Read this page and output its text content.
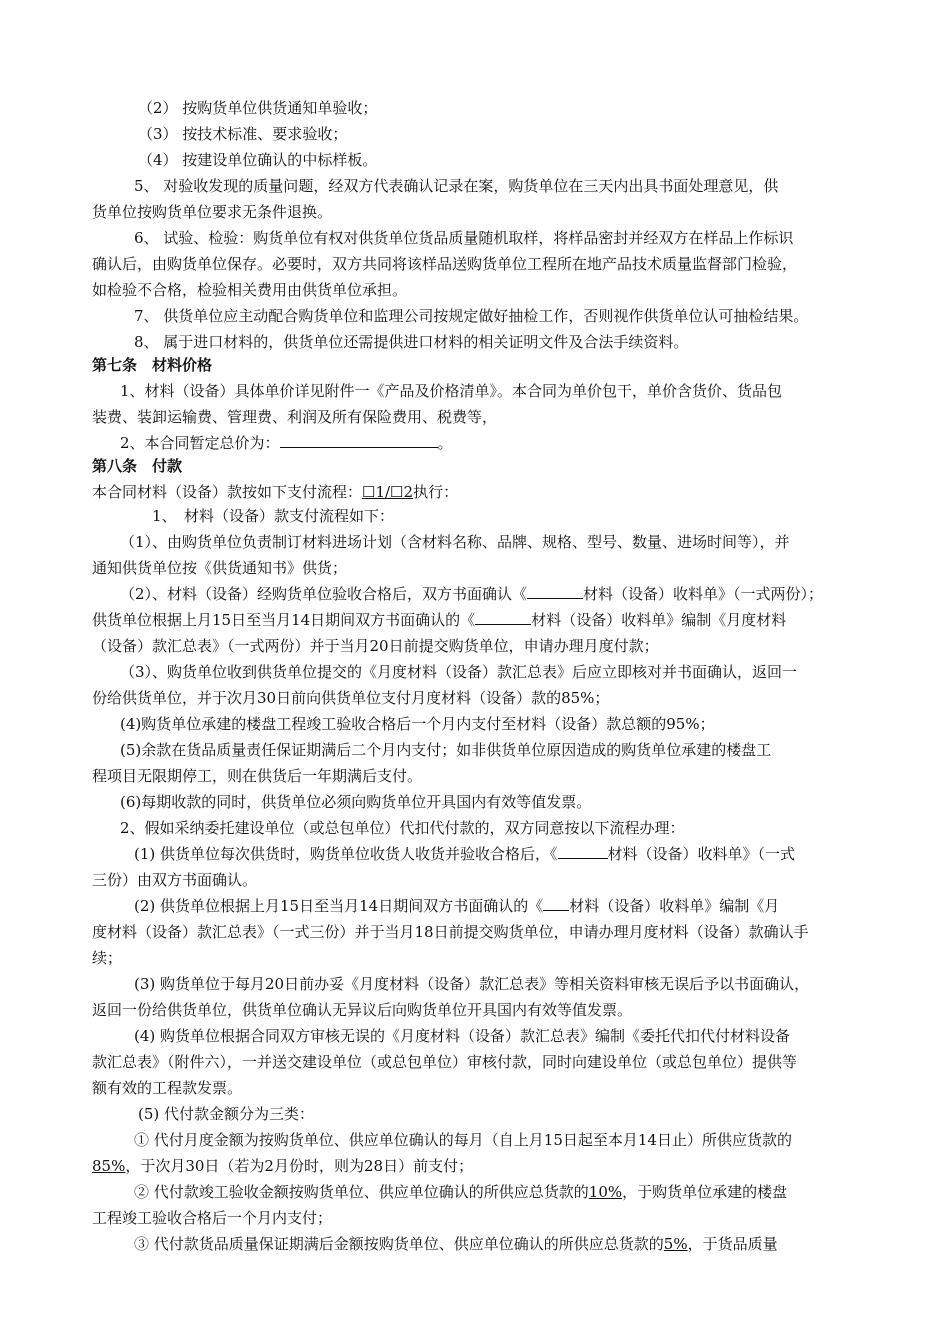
（2） 按购货单位供货通知单验收；
（3） 按技术标准、要求验收；
（4） 按建设单位确认的中标样板。
5、 对验收发现的质量问题，经双方代表确认记录在案，购货单位在三天内出具书面处理意见，供
货单位按购货单位要求无条件退换。
6、 试验、检验：购货单位有权对供货单位货品质量随机取样，将样品密封并经双方在样品上作标识
确认后，由购货单位保存。必要时，双方共同将该样品送购货单位工程所在地产品技术质量监督部门检验，
如检验不合格，检验相关费用由供货单位承担。
7、 供货单位应主动配合购货单位和监理公司按规定做好抽检工作，否则视作供货单位认可抽检结果。
8、 属于进口材料的，供货单位还需提供进口材料的相关证明文件及合法手续资料。
第七条　材料价格
1、材料（设备）具体单价详见附件一《产品及价格清单》。本合同为单价包干，单价含货价、货品包
装费、装卸运输费、管理费、利润及所有保险费用、税费等，
2、本合同暂定总价为：	。
第八条　付款
本合同材料（设备）款按如下支付流程：☐1/☐2执行：
1、　材料（设备）款支付流程如下：
（1）、由购货单位负责制订材料进场计划（含材料名称、品牌、规格、型号、数量、进场时间等），并
通知供货单位按《供货通知书》供货；
（2）、材料（设备）经购货单位验收合格后，双方书面确认《	材料（设备）收料单》（一式两份）；
供货单位根据上月15日至当月14日期间双方书面确认的《	材料（设备）收料单》编制《月度材料
（设备）款汇总表》（一式两份）并于当月20日前提交购货单位，申请办理月度付款；
（3）、购货单位收到供货单位提交的《月度材料（设备）款汇总表》后应立即核对并书面确认，返回一
份给供货单位，并于次月30日前向供货单位支付月度材料（设备）款的85%；
(4)购货单位承建的楼盘工程竣工验收合格后一个月内支付至材料（设备）款总额的95%；
(5)余款在货品质量责任保证期满后二个月内支付；如非供货单位原因造成的购货单位承建的楼盘工
程项目无限期停工，则在供货后一年期满后支付。
(6)每期收款的同时，供货单位必须向购货单位开具国内有效等值发票。
2、假如采纳委托建设单位（或总包单位）代扣代付款的，双方同意按以下流程办理：
(1) 供货单位每次供货时，购货单位收货人收货并验收合格后，《	材料（设备）收料单》（一式
三份）由双方书面确认。
(2) 供货单位根据上月15日至当月14日期间双方书面确认的《 材料（设备）收料单》编制《月
度材料（设备）款汇总表》（一式三份）并于当月18日前提交购货单位，申请办理月度材料（设备）款确认手
续；
(3) 购货单位于每月20日前办妥《月度材料（设备）款汇总表》等相关资料审核无误后予以书面确认，
返回一份给供货单位，供货单位确认无异议后向购货单位开具国内有效等值发票。
(4) 购货单位根据合同双方审核无误的《月度材料（设备）款汇总表》编制《委托代扣代付材料设备
款汇总表》（附件六），一并送交建设单位（或总包单位）审核付款，同时向建设单位（或总包单位）提供等
额有效的工程款发票。
(5) 代付款金额分为三类：
① 代付月度金额为按购货单位、供应单位确认的每月（自上月15日起至本月14日止）所供应货款的
85%，于次月30日（若为2月份时，则为28日）前支付；
② 代付款竣工验收金额按购货单位、供应单位确认的所供应总货款的10%，于购货单位承建的楼盘
工程竣工验收合格后一个月内支付；
③ 代付款货品质量保证期满后金额按购货单位、供应单位确认的所供应总货款的5%，于货品质量
